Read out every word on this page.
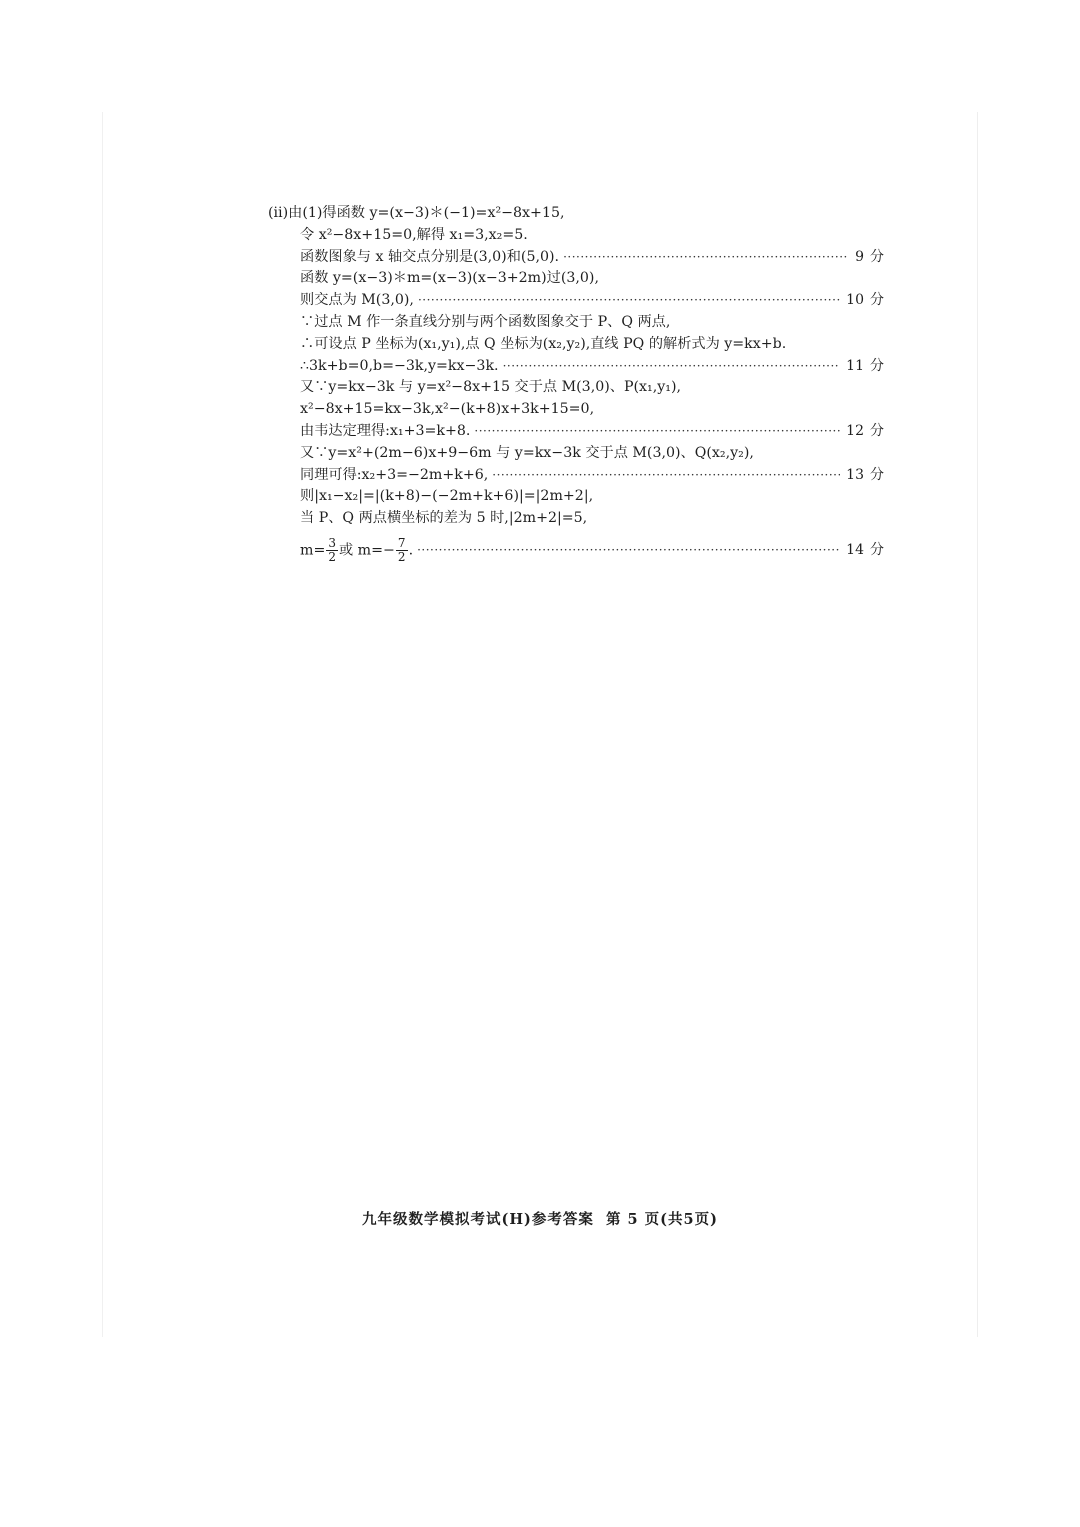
(ⅱ)由(1)得函数 y=(x−3)＊(−1)=x²−8x+15,
令 x²−8x+15=0,解得 x₁=3,x₂=5.
函数图象与 x 轴交点分别是(3,0)和(5,0). ·····	9 分
函数 y=(x−3)＊m=(x−3)(x−3+2m)过(3,0),
则交点为 M(3,0), ·····	10 分
∵过点 M 作一条直线分别与两个函数图象交于 P、Q 两点,
∴可设点 P 坐标为(x₁,y₁),点 Q 坐标为(x₂,y₂),直线 PQ 的解析式为 y=kx+b.
∴3k+b=0,b=−3k,y=kx−3k. ·····	11 分
又∵y=kx−3k 与 y=x²−8x+15 交于点 M(3,0)、P(x₁,y₁),
x²−8x+15=kx−3k,x²−(k+8)x+3k+15=0,
由韦达定理得:x₁+3=k+8. ·····	12 分
又∵y=x²+(2m−6)x+9−6m 与 y=kx−3k 交于点 M(3,0)、Q(x₂,y₂),
同理可得:x₂+3=−2m+k+6, ·····	13 分
则|x₁−x₂|=|(k+8)−(−2m+k+6)|=|2m+2|,
当 P、Q 两点横坐标的差为 5 时,|2m+2|=5,
$m= \frac{3}{2}$ 或 $m=- \frac{7}{2}$ . ·····	14 分
九年级数学模拟考试(H)参考答案  第 5 页(共5页)
